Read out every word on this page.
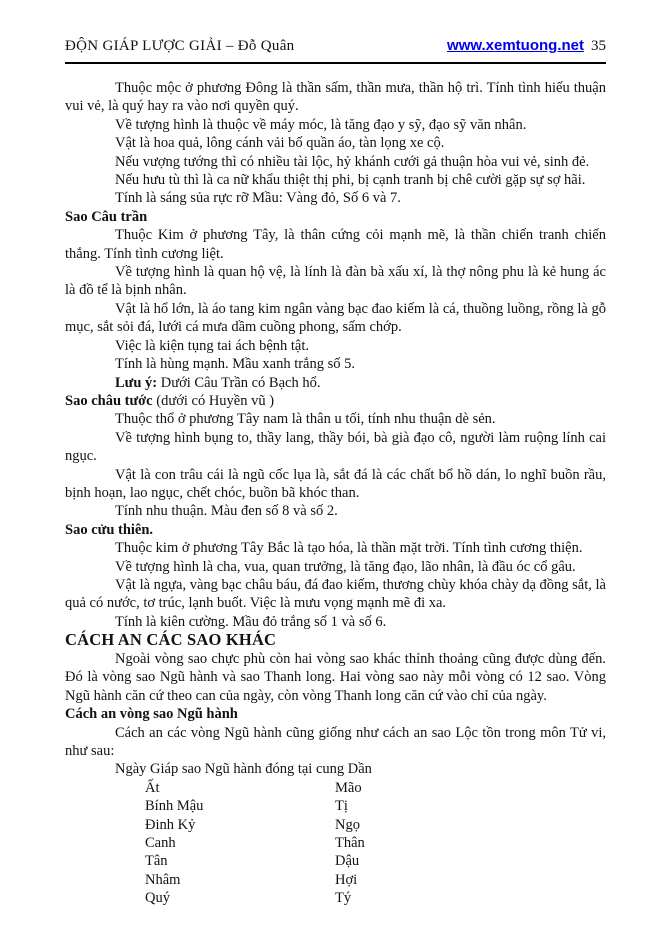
ĐỘN GIÁP LƯỢC GIẢI – Đỗ Quân	www.xemtuong.net 35

Thuộc mộc ở phương Đông là thần sấm, thần mưa, thần hộ trì. Tính tình hiếu thuận vui vẻ, là quý hay ra vào nơi quyền quý.

Về tượng hình là thuộc về máy móc, là tăng đạo y sỹ, đạo sỹ văn nhân.

Vật là hoa quả, lông cánh vải bố quần áo, tàn lọng xe cộ.

Nếu vượng tướng thì có nhiều tài lộc, hỷ khánh cưới gả thuận hòa vui vẻ, sinh đẻ.

Nếu hưu tù thì là ca nữ khẩu thiệt thị phi, bị cạnh tranh bị chê cười gặp sự sợ hãi.

Tính là sáng sủa rực rỡ Mầu: Vàng đỏ, Số 6 và 7.

Sao Câu trần

Thuộc Kim ở phương Tây, là thân cứng cỏi mạnh mẽ, là thần chiến tranh chiến thắng. Tính tình cương liệt.

Về tượng hình là quan hộ vệ, là lính là đàn bà xấu xí, là thợ nông phu là kẻ hung ác là đồ tể là bịnh nhân.

Vật là hổ lớn, là áo tang kim ngân vàng bạc đao kiếm là cá, thuồng luồng, rồng là gỗ mục, sắt sỏi đá, lưới cá mưa dầm cuồng phong, sấm chớp.

Việc là kiện tụng tai ách bệnh tật.

Tính là hùng mạnh. Mầu xanh trắng số 5.

Lưu ý: Dưới Câu Trần có Bạch hổ.

Sao châu tước (dưới có Huyền vũ )

Thuộc thổ ở phương Tây nam là thân u tối, tính nhu thuận dè sẻn.

Về tượng hình bụng to, thầy lang, thầy bói, bà già đạo cô, người làm ruộng lính cai ngục.

Vật là con trâu cái là ngũ cốc lụa là, sắt đá là các chất bổ hồ dán, lo nghĩ buồn rầu, bịnh hoạn, lao ngục, chết chóc, buồn bã khóc than.

Tính nhu thuận. Màu đen số 8 và số 2.

Sao cửu thiên.

Thuộc kim ở phương Tây Bắc là tạo hóa, là thần mặt trời. Tính tình cương thiện.

Về tượng hình là cha, vua, quan trưởng, là tăng đạo, lão nhân, là đầu óc cổ gâu.

Vật là ngựa, vàng bạc châu báu, đá đao kiếm, thương chùy khóa chày dạ đồng sắt, là quả có nước, tơ trúc, lạnh buốt. Việc là mưu vọng mạnh mẽ đi xa.

Tính là kiên cường. Mầu đỏ trắng số 1 và số 6.

CÁCH AN CÁC SAO KHÁC

Ngoài vòng sao chực phù còn hai vòng sao khác thỉnh thoảng cũng được dùng đến. Đó là vòng sao Ngũ hành và sao Thanh long. Hai vòng sao này mỗi vòng có 12 sao. Vòng Ngũ hành căn cứ theo can của ngày, còn vòng Thanh long căn cứ vào chỉ của ngày.

Cách an vòng sao Ngũ hành

Cách an các vòng Ngũ hành cũng giống như cách an sao Lộc tồn trong môn Tử vi, như sau:

Ngày Giáp sao Ngũ hành đóng tại cung Dần

Ất	Mão
Bính Mậu	Tị
Đinh Kỷ	Ngọ
Canh	Thân
Tân	Dậu
Nhâm	Hợi
Quý	Tý
